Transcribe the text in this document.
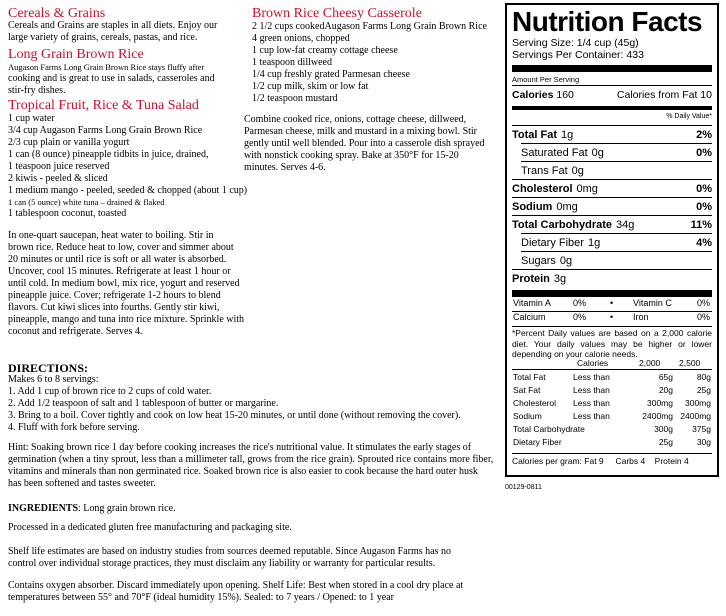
Cereals & Grains
Cereals and Grains are staples in all diets. Enjoy our
large variety of grains, cereals, pastas, and rice.
Long Grain Brown Rice
Augason Farms Long Grain Brown Rice stays fluffy after
cooking and is great to use in salads, casseroles and
stir-fry dishes.
Tropical Fruit, Rice & Tuna Salad
1 cup water
3/4 cup Augason Farms Long Grain Brown Rice
2/3 cup plain or vanilla yogurt
1 can (8 ounce) pineapple tidbits in juice, drained,
1 teaspoon juice reserved
2 kiwis - peeled & sliced
1 medium mango - peeled, seeded & chopped (about 1 cup)
1 can (5 ounce) white tuna – drained & flaked
1 tablespoon coconut, toasted
In one-quart saucepan, heat water to boiling. Stir in
brown rice. Reduce heat to low, cover and simmer about
20 minutes or until rice is soft or all water is absorbed.
Uncover, cool 15 minutes. Refrigerate at least 1 hour or
until cold. In medium bowl, mix rice, yogurt and reserved
pineapple juice. Cover; refrigerate 1-2 hours to blend
flavors. Cut kiwi slices into fourths. Gently stir kiwi,
pineapple, mango and tuna into rice mixture. Sprinkle with
coconut and refrigerate. Serves 4.
Brown Rice Cheesy Casserole
2 1/2 cups cookedAugason Farms Long Grain Brown Rice
4 green onions, chopped
1 cup low-fat creamy cottage cheese
1 teaspoon dillweed
1/4 cup freshly grated Parmesan cheese
1/2 cup milk, skim or low fat
1/2 teaspoon mustard
Combine cooked rice, onions, cottage cheese, dillweed,
Parmesan cheese, milk and mustard in a mixing bowl. Stir
gently until well blended. Pour into a casserole dish sprayed
with nonstick cooking spray. Bake at 350°F for 15-20
minutes. Serves 4-6.
DIRECTIONS:
Makes 6 to 8 servings:
1. Add 1 cup of brown rice to 2 cups of cold water.
2. Add 1/2 teaspoon of salt and 1 tablespoon of butter or margarine.
3. Bring to a boil. Cover tightly and cook on low heat 15-20 minutes, or until done (without removing the cover).
4. Fluff with fork before serving.
Hint: Soaking brown rice 1 day before cooking increases the rice's nutritional value. It stimulates the early stages of
germination (when a tiny sprout, less than a millimeter tall, grows from the rice grain). Sprouted rice contains more fiber,
vitamins and minerals than non germinated rice. Soaked brown rice is also easier to cook because the hard outer husk
has been softened and tastes sweeter.
INGREDIENTS: Long grain brown rice.
Processed in a dedicated gluten free manufacturing and packaging site.
Shelf life estimates are based on industry studies from sources deemed reputable. Since Augason Farms has no
control over individual storage practices, they must disclaim any liability or warranty for particular results.
Contains oxygen absorber. Discard immediately upon opening. Shelf Life: Best when stored in a cool dry place at
temperatures between 55° and 70°F (ideal humidity 15%). Sealed: to 7 years / Opened: to 1 year
00129-0811
Nutrition Facts
Serving Size: 1/4 cup (45g)
Servings Per Container: 433
Amount Per Serving
Calories 160	Calories from Fat 10
% Daily Value*
Total Fat 1g	2%
Saturated Fat 0g	0%
Trans Fat 0g
Cholesterol 0mg	0%
Sodium 0mg	0%
Total Carbohydrate 34g	11%
Dietary Fiber 1g	4%
Sugars 0g
Protein 3g
Vitamin A 0%	Vitamin C	0%
•
Calcium	0%	Iron	0%
•
*Percent Daily values are based on a 2,000 calorie diet. Your daily values may be higher or lower depending on your calorie needs.
Calories	2,000 2,500
Total Fat	Less than	65g	80g
Sat Fat	Less than	20g	25g
Cholesterol Less than	300mg 300mg
Sodium	Less than	2400mg 2400mg
Total Carbohydrate	300g 375g
Dietary Fiber	25g	30g
Calories per gram: Fat 9     Carbs 4    Protein 4
